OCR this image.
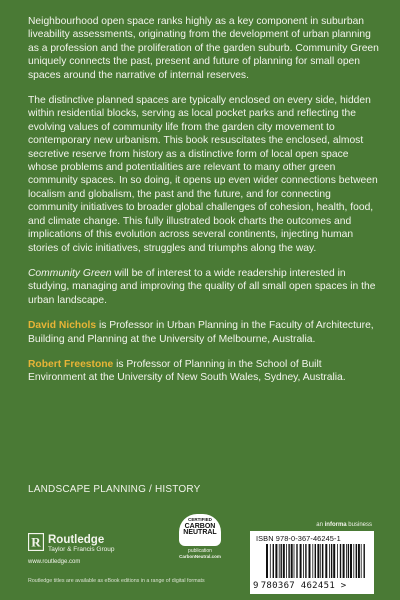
Neighbourhood open space ranks highly as a key component in suburban liveability assessments, originating from the development of urban planning as a profession and the proliferation of the garden suburb. Community Green uniquely connects the past, present and future of planning for small open spaces around the narrative of internal reserves.

The distinctive planned spaces are typically enclosed on every side, hidden within residential blocks, serving as local pocket parks and reflecting the evolving values of community life from the garden city movement to contemporary new urbanism. This book resuscitates the enclosed, almost secretive reserve from history as a distinctive form of local open space whose problems and potentialities are relevant to many other green community spaces. In so doing, it opens up even wider connections between localism and globalism, the past and the future, and for connecting community initiatives to broader global challenges of cohesion, health, food, and climate change. This fully illustrated book charts the outcomes and implications of this evolution across several continents, injecting human stories of civic initiatives, struggles and triumphs along the way.

Community Green will be of interest to a wide readership interested in studying, managing and improving the quality of all small open spaces in the urban landscape.

David Nichols is Professor in Urban Planning in the Faculty of Architecture, Building and Planning at the University of Melbourne, Australia.

Robert Freestone is Professor of Planning in the School of Built Environment at the University of New South Wales, Sydney, Australia.

LANDSCAPE PLANNING / HISTORY
R Routledge
Taylor & Francis Group
www.routledge.com
CERTIFIED
CARBON
NEUTRAL
publication
CarbonNeutral.com
an informa business
ISBN 978-0-367-46245-1
9 780367 462451 >
Routledge titles are available as eBook editions in a range of digital formats
